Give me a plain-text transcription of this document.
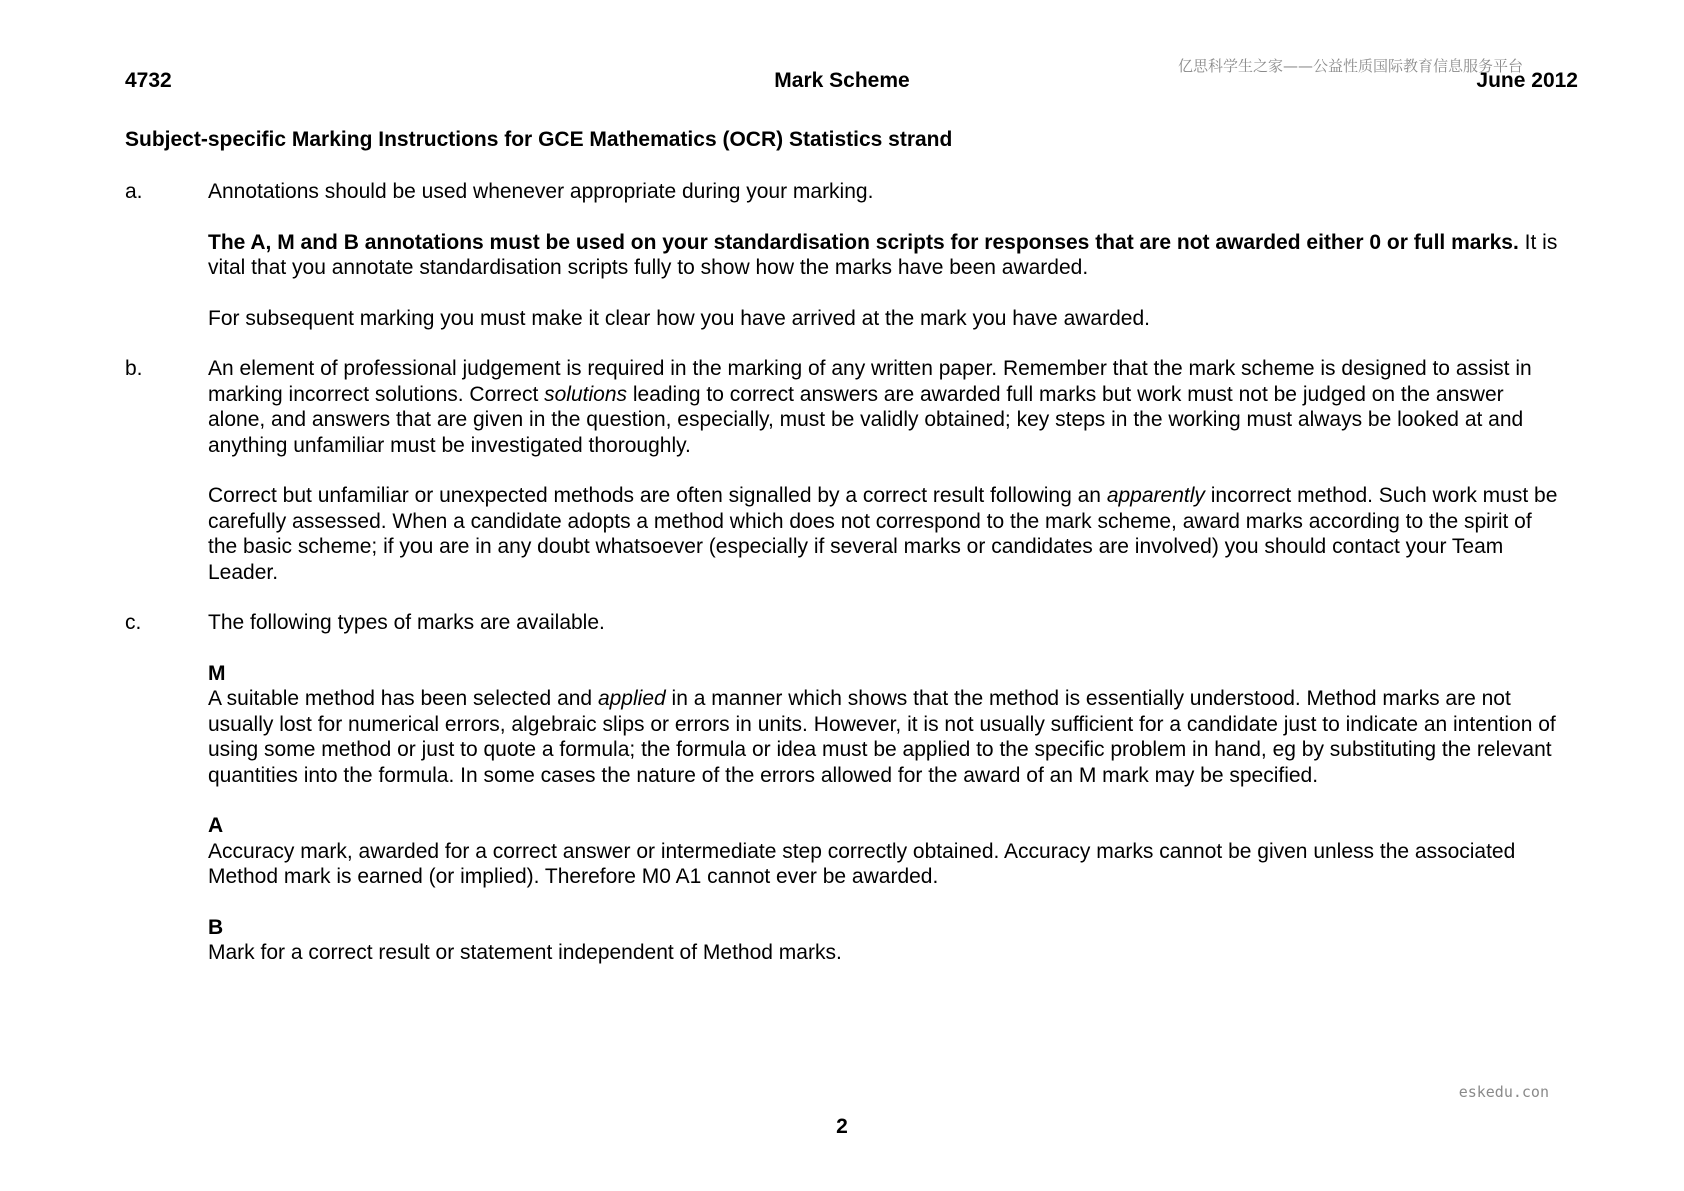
亿思科学生之家——公益性质国际教育信息服务平台
4732	Mark Scheme	June 2012
Subject-specific Marking Instructions for GCE Mathematics (OCR) Statistics strand
a.	Annotations should be used whenever appropriate during your marking.

The A, M and B annotations must be used on your standardisation scripts for responses that are not awarded either 0 or full marks. It is vital that you annotate standardisation scripts fully to show how the marks have been awarded.

For subsequent marking you must make it clear how you have arrived at the mark you have awarded.

b.	An element of professional judgement is required in the marking of any written paper. Remember that the mark scheme is designed to assist in marking incorrect solutions. Correct solutions leading to correct answers are awarded full marks but work must not be judged on the answer alone, and answers that are given in the question, especially, must be validly obtained; key steps in the working must always be looked at and anything unfamiliar must be investigated thoroughly.

Correct but unfamiliar or unexpected methods are often signalled by a correct result following an apparently incorrect method. Such work must be carefully assessed. When a candidate adopts a method which does not correspond to the mark scheme, award marks according to the spirit of the basic scheme; if you are in any doubt whatsoever (especially if several marks or candidates are involved) you should contact your Team Leader.

c.	The following types of marks are available.

M
A suitable method has been selected and applied in a manner which shows that the method is essentially understood. Method marks are not usually lost for numerical errors, algebraic slips or errors in units. However, it is not usually sufficient for a candidate just to indicate an intention of using some method or just to quote a formula; the formula or idea must be applied to the specific problem in hand, eg by substituting the relevant quantities into the formula. In some cases the nature of the errors allowed for the award of an M mark may be specified.
A
Accuracy mark, awarded for a correct answer or intermediate step correctly obtained. Accuracy marks cannot be given unless the associated Method mark is earned (or implied). Therefore M0 A1 cannot ever be awarded.
B
Mark for a correct result or statement independent of Method marks.
eskedu.con
2
